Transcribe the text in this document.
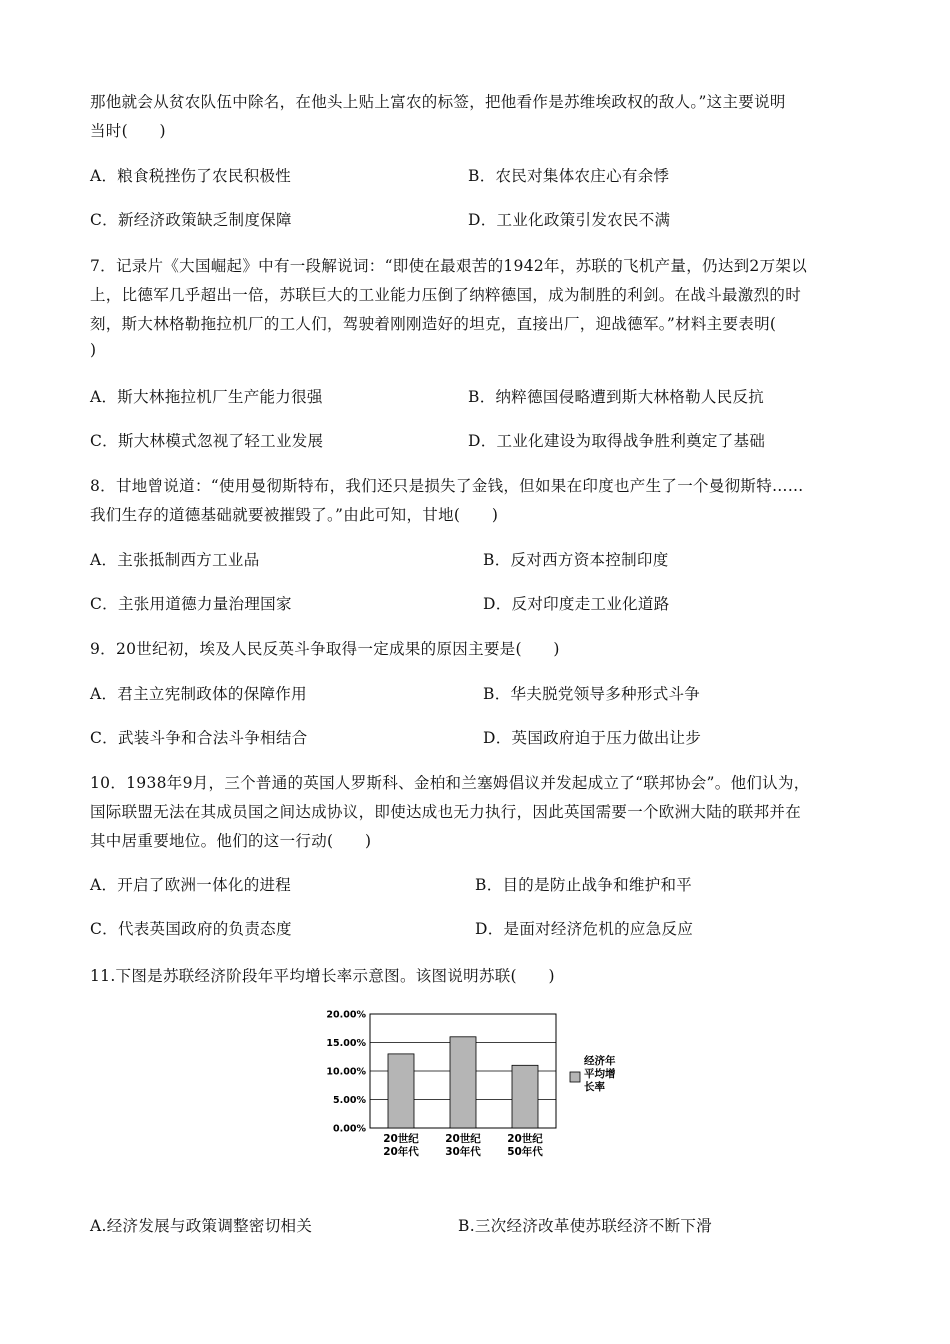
那他就会从贫农队伍中除名，在他头上贴上富农的标签，把他看作是苏维埃政权的敌人。”这主要说明
当时(　　)
A．粮食税挫伤了农民积极性	B．农民对集体农庄心有余悸
C．新经济政策缺乏制度保障	D．工业化政策引发农民不满
7．记录片《大国崛起》中有一段解说词：“即使在最艰苦的1942年，苏联的飞机产量，仍达到2万架以
上，比德军几乎超出一倍，苏联巨大的工业能力压倒了纳粹德国，成为制胜的利剑。在战斗最激烈的时
刻，斯大林格勒拖拉机厂的工人们，驾驶着刚刚造好的坦克，直接出厂，迎战德军。”材料主要表明(
)
A．斯大林拖拉机厂生产能力很强	B．纳粹德国侵略遭到斯大林格勒人民反抗
C．斯大林模式忽视了轻工业发展	D．工业化建设为取得战争胜利奠定了基础
8．甘地曾说道：“使用曼彻斯特布，我们还只是损失了金钱，但如果在印度也产生了一个曼彻斯特……
我们生存的道德基础就要被摧毁了。”由此可知，甘地(　　)
A．主张抵制西方工业品	B．反对西方资本控制印度
C．主张用道德力量治理国家	D．反对印度走工业化道路
9．20世纪初，埃及人民反英斗争取得一定成果的原因主要是(　　)
A．君主立宪制政体的保障作用	B．华夫脱党领导多种形式斗争
C．武装斗争和合法斗争相结合	D．英国政府迫于压力做出让步
10．1938年9月，三个普通的英国人罗斯科、金柏和兰塞姆倡议并发起成立了“联邦协会”。他们认为，
国际联盟无法在其成员国之间达成协议，即使达成也无力执行，因此英国需要一个欧洲大陆的联邦并在
其中居重要地位。他们的这一行动(　　)
A．开启了欧洲一体化的进程	B．目的是防止战争和维护和平
C．代表英国政府的负责态度	D．是面对经济危机的应急反应
11.下图是苏联经济阶段年平均增长率示意图。该图说明苏联(　　)
A.经济发展与政策调整密切相关	B.三次经济改革使苏联经济不断下滑
0.00%
5.00%
10.00%
15.00%
20.00%
20世纪
20年代
20世纪
30年代
20世纪
50年代
经济年
平均增
长率
